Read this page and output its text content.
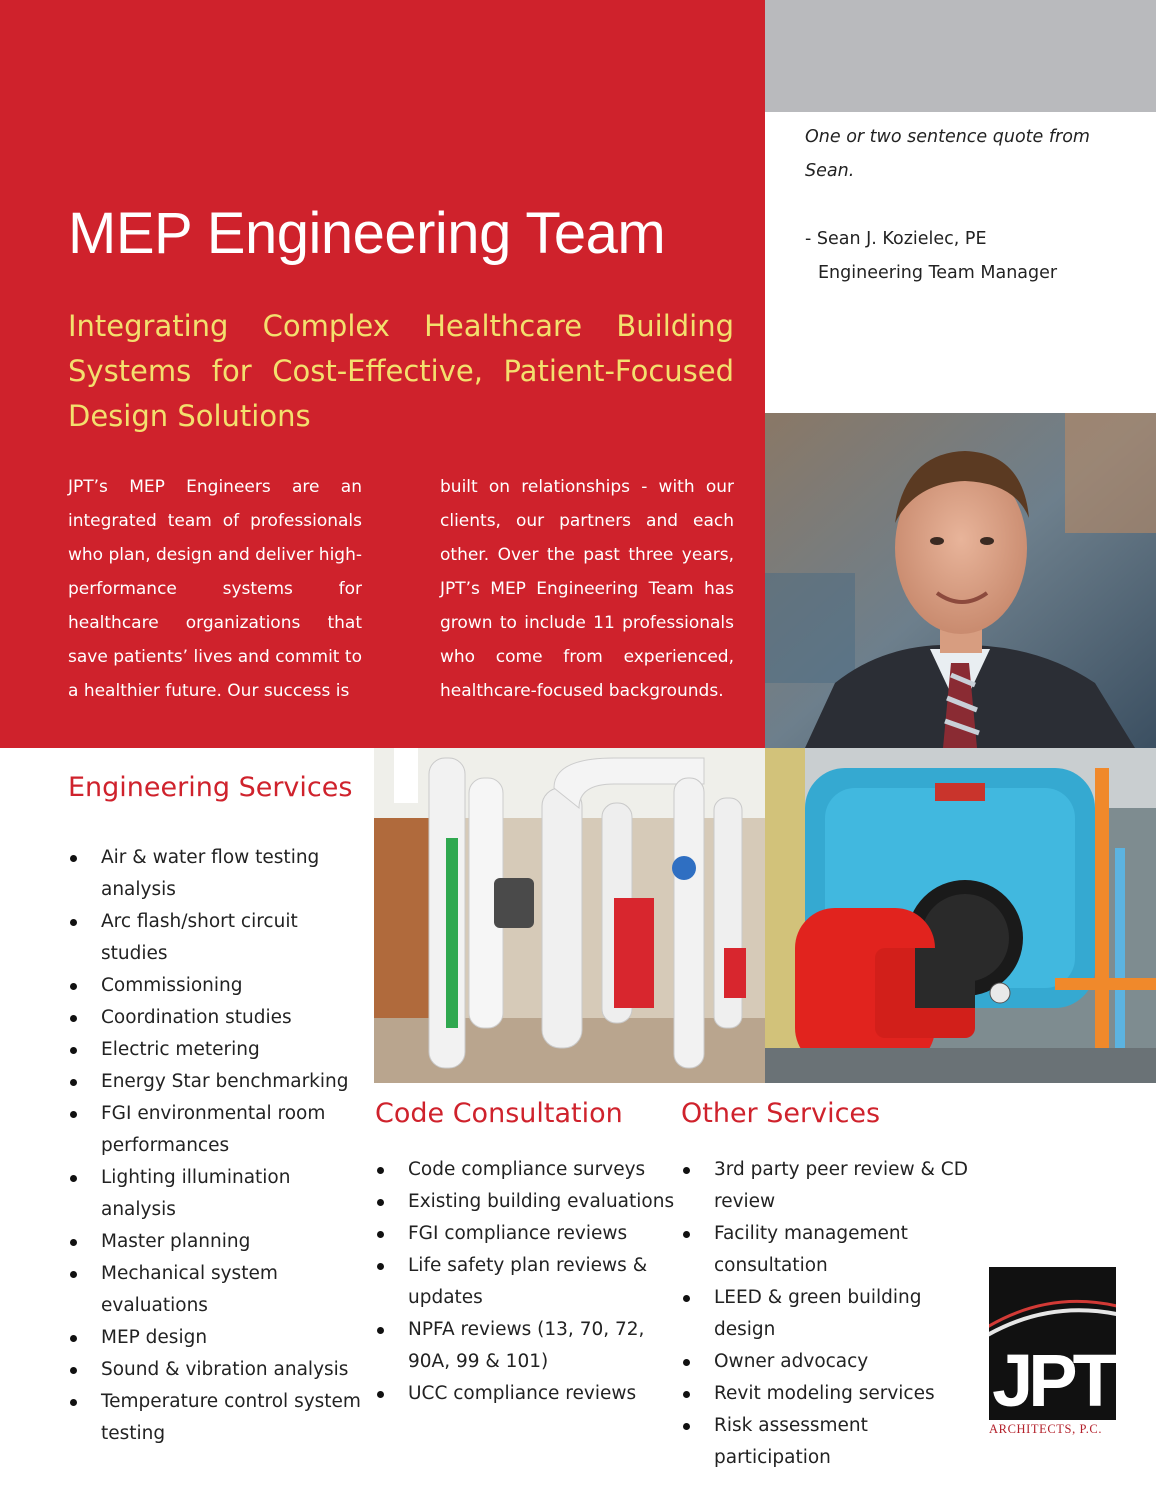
MEP Engineering Team
Integrating Complex Healthcare Building Systems for Cost-Effective, Patient-Focused Design Solutions

JPT’s MEP Engineers are an integrated team of professionals who plan, design and deliver high-performance systems for healthcare organizations that save patients’ lives and commit to a healthier future. Our success is

built on relationships - with our clients, our partners and each other. Over the past three years, JPT’s MEP Engineering Team has grown to include 11 professionals who come from experienced, healthcare-focused backgrounds.

One or two sentence quote from Sean.

- Sean J. Kozielec, PE
Engineering Team Manager
Engineering Services
Air & water flow testing analysis
Arc flash/short circuit studies
Commissioning
Coordination studies
Electric metering
Energy Star benchmarking
FGI environmental room performances
Lighting illumination analysis
Master planning
Mechanical system evaluations
MEP design
Sound & vibration analysis
Temperature control system testing
Code Consultation
Code compliance surveys
Existing building evaluations
FGI compliance reviews
Life safety plan reviews & updates
NPFA reviews (13, 70, 72, 90A, 99 & 101)
UCC compliance reviews
Other Services
3rd party peer review & CD review
Facility management consultation
LEED & green building design
Owner advocacy
Revit modeling services
Risk assessment participation
JPT
ARCHITECTS, P.C.
